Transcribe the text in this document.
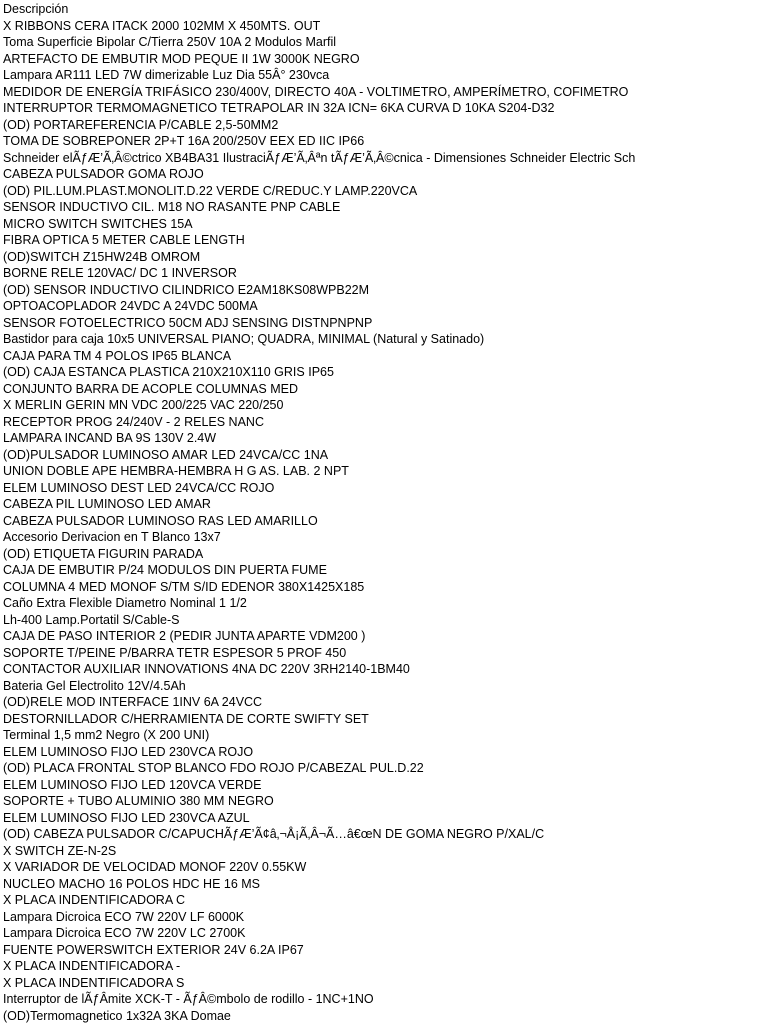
Descripción
X RIBBONS CERA ITACK 2000 102MM X 450MTS. OUT
Toma Superficie Bipolar C/Tierra 250V 10A 2 Modulos Marfil
ARTEFACTO DE EMBUTIR MOD PEQUE II 1W 3000K NEGRO
Lampara AR111 LED 7W dimerizable Luz Dia 55Â° 230vca
MEDIDOR DE ENERGÍA TRIFÁSICO 230/400V, DIRECTO 40A - VOLTIMETRO, AMPERÍMETRO, COFIMETRO
INTERRUPTOR TERMOMAGNETICO TETRAPOLAR IN 32A ICN= 6KA CURVA D 10KA S204-D32
(OD) PORTAREFERENCIA P/CABLE 2,5-50MM2
TOMA DE SOBREPONER 2P+T 16A 200/250V EEX ED IIC IP66
Schneider elÃƒÆ’Ã‚Â©ctrico XB4BA31 IlustraciÃƒÆ’Ã‚Âªn tÃƒÆ’Ã‚Â©cnica - Dimensiones Schneider Electric Sch
CABEZA PULSADOR GOMA ROJO
(OD) PIL.LUM.PLAST.MONOLIT.D.22 VERDE C/REDUC.Y LAMP.220VCA
SENSOR INDUCTIVO CIL. M18 NO RASANTE PNP CABLE
MICRO SWITCH SWITCHES 15A
FIBRA OPTICA 5 METER CABLE LENGTH
(OD)SWITCH Z15HW24B OMROM
BORNE RELE 120VAC/ DC 1 INVERSOR
(OD) SENSOR INDUCTIVO CILINDRICO E2AM18KS08WPB22M
OPTOACOPLADOR 24VDC A 24VDC 500MA
SENSOR FOTOELECTRICO 50CM ADJ SENSING DISTNPNPNP
Bastidor para caja 10x5 UNIVERSAL PIANO; QUADRA, MINIMAL (Natural y Satinado)
CAJA PARA TM 4 POLOS IP65 BLANCA
(OD) CAJA ESTANCA PLASTICA 210X210X110 GRIS IP65
CONJUNTO BARRA DE ACOPLE COLUMNAS MED
X MERLIN GERIN MN VDC 200/225 VAC 220/250
RECEPTOR PROG 24/240V - 2 RELES NANC
LAMPARA INCAND BA 9S 130V 2.4W
(OD)PULSADOR LUMINOSO AMAR LED 24VCA/CC 1NA
UNION DOBLE APE HEMBRA-HEMBRA H G AS. LAB. 2 NPT
ELEM LUMINOSO DEST LED 24VCA/CC ROJO
CABEZA PIL LUMINOSO LED AMAR
CABEZA PULSADOR LUMINOSO RAS LED AMARILLO
Accesorio Derivacion en T Blanco 13x7
(OD) ETIQUETA FIGURIN PARADA
CAJA DE EMBUTIR P/24 MODULOS DIN PUERTA FUME
COLUMNA 4 MED MONOF S/TM S/ID EDENOR 380X1425X185
Caño Extra Flexible Diametro Nominal 1 1/2
Lh-400 Lamp.Portatil S/Cable-S
CAJA DE PASO INTERIOR 2 (PEDIR JUNTA APARTE VDM200 )
SOPORTE T/PEINE P/BARRA TETR ESPESOR 5 PROF 450
CONTACTOR AUXILIAR INNOVATIONS 4NA DC 220V 3RH2140-1BM40
Bateria Gel Electrolito 12V/4.5Ah
(OD)RELE MOD INTERFACE 1INV 6A 24VCC
DESTORNILLADOR C/HERRAMIENTA DE CORTE SWIFTY SET
Terminal 1,5 mm2 Negro (X 200 UNI)
ELEM LUMINOSO FIJO LED 230VCA ROJO
(OD) PLACA FRONTAL STOP BLANCO FDO ROJO P/CABEZAL PUL.D.22
ELEM LUMINOSO FIJO LED 120VCA VERDE
SOPORTE + TUBO ALUMINIO 380 MM NEGRO
ELEM LUMINOSO FIJO LED 230VCA AZUL
(OD) CABEZA PULSADOR C/CAPUCHÃƒÆ’Ã¢â‚¬Å¡Ã‚Â¬Ã…â€œN DE GOMA NEGRO P/XAL/C
X SWITCH ZE-N-2S
X VARIADOR DE VELOCIDAD MONOF 220V 0.55KW
NUCLEO MACHO 16 POLOS HDC HE 16 MS
X PLACA INDENTIFICADORA C
Lampara Dicroica ECO 7W 220V LF 6000K
Lampara Dicroica ECO 7W 220V LC 2700K
FUENTE POWERSWITCH EXTERIOR 24V 6.2A IP67
X PLACA INDENTIFICADORA -
X PLACA INDENTIFICADORA S
Interruptor de lÃƒÂmite XCK-T - ÃƒÂ©mbolo de rodillo - 1NC+1NO
(OD)Termomagnetico 1x32A 3KA Domae
